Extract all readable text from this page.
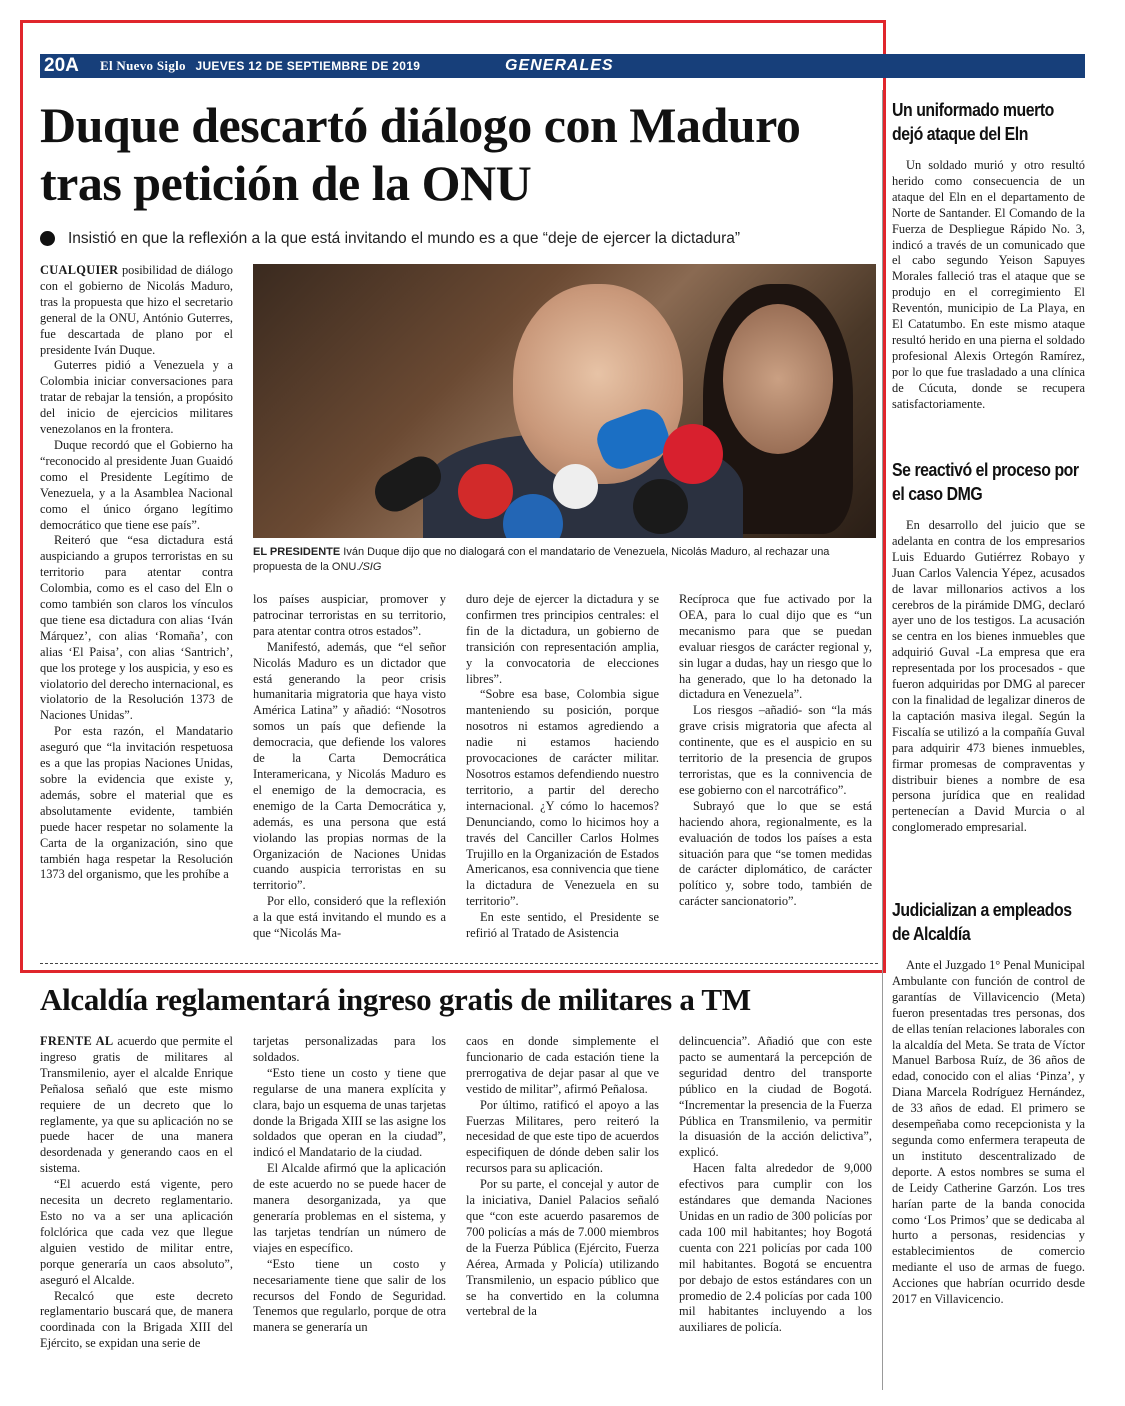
20A El Nuevo Siglo JUEVES 12 DE SEPTIEMBRE DE 2019	GENERALES
Duque descartó diálogo con Maduro tras petición de la ONU
Insistió en que la reflexión a la que está invitando el mundo es a que “deje de ejercer la dictadura”

CUALQUIER posibilidad de diálogo con el gobierno de Nicolás Maduro, tras la propuesta que hizo el secretario general de la ONU, António Guterres, fue descartada de plano por el presidente Iván Duque.

Guterres pidió a Venezuela y a Colombia iniciar conversaciones para tratar de rebajar la tensión, a propósito del inicio de ejercicios militares venezolanos en la frontera.

Duque recordó que el Gobierno ha “reconocido al presidente Juan Guaidó como el Presidente Legítimo de Venezuela, y a la Asamblea Nacional como el único órgano legítimo democrático que tiene ese país”.

Reiteró que “esa dictadura está auspiciando a grupos terroristas en su territorio para atentar contra Colombia, como es el caso del Eln o como también son claros los vínculos que tiene esa dictadura con alias ‘Iván Márquez’, con alias ‘Romaña’, con alias ‘El Paisa’, con alias ‘Santrich’, que los protege y los auspicia, y eso es violatorio del derecho internacional, es violatorio de la Resolución 1373 de Naciones Unidas”.

Por esta razón, el Mandatario aseguró que “la invitación respetuosa es a que las propias Naciones Unidas, sobre la evidencia que existe y, además, sobre el material que es absolutamente evidente, también puede hacer respetar no solamente la Carta de la organización, sino que también haga respetar la Resolución 1373 del organismo, que les prohíbe a

EL PRESIDENTE Iván Duque dijo que no dialogará con el mandatario de Venezuela, Nicolás Maduro, al rechazar una propuesta de la ONU./SIG

los países auspiciar, promover y patrocinar terroristas en su territorio, para atentar contra otros estados”.

Manifestó, además, que “el señor Nicolás Maduro es un dictador que está generando la peor crisis humanitaria migratoria que haya visto América Latina” y añadió: “Nosotros somos un país que defiende la democracia, que defiende los valores de la Carta Democrática Interamericana, y Nicolás Maduro es el enemigo de la democracia, es enemigo de la Carta Democrática y, además, es una persona que está violando las propias normas de la Organización de Naciones Unidas cuando auspicia terroristas en su territorio”.

Por ello, consideró que la reflexión a la que está invitando el mundo es a que “Nicolás Ma-

duro deje de ejercer la dictadura y se confirmen tres principios centrales: el fin de la dictadura, un gobierno de transición con representación amplia, y la convocatoria de elecciones libres”.

“Sobre esa base, Colombia sigue manteniendo su posición, porque nosotros ni estamos agrediendo a nadie ni estamos haciendo provocaciones de carácter militar. Nosotros estamos defendiendo nuestro territorio, a partir del derecho internacional. ¿Y cómo lo hacemos? Denunciando, como lo hicimos hoy a través del Canciller Carlos Holmes Trujillo en la Organización de Estados Americanos, esa connivencia que tiene la dictadura de Venezuela en su territorio”.

En este sentido, el Presidente se refirió al Tratado de Asistencia

Recíproca que fue activado por la OEA, para lo cual dijo que es “un mecanismo para que se puedan evaluar riesgos de carácter regional y, sin lugar a dudas, hay un riesgo que lo ha generado, que lo ha detonado la dictadura en Venezuela”.

Los riesgos –añadió- son “la más grave crisis migratoria que afecta al continente, que es el auspicio en su territorio de la presencia de grupos terroristas, que es la connivencia de ese gobierno con el narcotráfico”.

Subrayó que lo que se está haciendo ahora, regionalmente, es la evaluación de todos los países a esta situación para que “se tomen medidas de carácter diplomático, de carácter político y, sobre todo, también de carácter sancionatorio”.

Alcaldía reglamentará ingreso gratis de militares a TM

FRENTE AL acuerdo que permite el ingreso gratis de militares al Transmilenio, ayer el alcalde Enrique Peñalosa señaló que este mismo requiere de un decreto que lo reglamente, ya que su aplicación no se puede hacer de una manera desordenada y generando caos en el sistema.

“El acuerdo está vigente, pero necesita un decreto reglamentario. Esto no va a ser una aplicación folclórica que cada vez que llegue alguien vestido de militar entre, porque generaría un caos absoluto”, aseguró el Alcalde.

Recalcó que este decreto reglamentario buscará que, de manera coordinada con la Brigada XIII del Ejército, se expidan una serie de

tarjetas personalizadas para los soldados.

“Esto tiene un costo y tiene que regularse de una manera explícita y clara, bajo un esquema de unas tarjetas donde la Brigada XIII se las asigne los soldados que operan en la ciudad”, indicó el Mandatario de la ciudad.

El Alcalde afirmó que la aplicación de este acuerdo no se puede hacer de manera desorganizada, ya que generaría problemas en el sistema, y las tarjetas tendrían un número de viajes en específico.

“Esto tiene un costo y necesariamente tiene que salir de los recursos del Fondo de Seguridad. Tenemos que regularlo, porque de otra manera se generaría un

caos en donde simplemente el funcionario de cada estación tiene la prerrogativa de dejar pasar al que ve vestido de militar”, afirmó Peñalosa.

Por último, ratificó el apoyo a las Fuerzas Militares, pero reiteró la necesidad de que este tipo de acuerdos especifiquen de dónde deben salir los recursos para su aplicación.

Por su parte, el concejal y autor de la iniciativa, Daniel Palacios señaló que “con este acuerdo pasaremos de 700 policías a más de 7.000 miembros de la Fuerza Pública (Ejército, Fuerza Aérea, Armada y Policía) utilizando Transmilenio, un espacio público que se ha convertido en la columna vertebral de la

delincuencia”. Añadió que con este pacto se aumentará la percepción de seguridad dentro del transporte público en la ciudad de Bogotá. “Incrementar la presencia de la Fuerza Pública en Transmilenio, va permitir la disuasión de la acción delictiva”, explicó.

Hacen falta alrededor de 9,000 efectivos para cumplir con los estándares que demanda Naciones Unidas en un radio de 300 policías por cada 100 mil habitantes; hoy Bogotá cuenta con 221 policías por cada 100 mil habitantes. Bogotá se encuentra por debajo de estos estándares con un promedio de 2.4 policías por cada 100 mil habitantes incluyendo a los auxiliares de policía.

Un uniformado muerto dejó ataque del Eln

Un soldado murió y otro resultó herido como consecuencia de un ataque del Eln en el departamento de Norte de Santander. El Comando de la Fuerza de Despliegue Rápido No. 3, indicó a través de un comunicado que el cabo segundo Yeison Sapuyes Morales falleció tras el ataque que se produjo en el corregimiento El Reventón, municipio de La Playa, en El Catatumbo. En este mismo ataque resultó herido en una pierna el soldado profesional Alexis Ortegón Ramírez, por lo que fue trasladado a una clínica de Cúcuta, donde se recupera satisfactoriamente.

Se reactivó el proceso por el caso DMG

En desarrollo del juicio que se adelanta en contra de los empresarios Luis Eduardo Gutiérrez Robayo y Juan Carlos Valencia Yépez, acusados de lavar millonarios activos a los cerebros de la pirámide DMG, declaró ayer uno de los testigos. La acusación se centra en los bienes inmuebles que adquirió Guval -La empresa que era representada por los procesados - que fueron adquiridas por DMG al parecer con la finalidad de legalizar dineros de la captación masiva ilegal. Según la Fiscalía se utilizó a la compañía Guval para adquirir 473 bienes inmuebles, firmar promesas de compraventas y distribuir bienes a nombre de esa persona jurídica que en realidad pertenecían a David Murcia o al conglomerado empresarial.

Judicializan a empleados de Alcaldía

Ante el Juzgado 1° Penal Municipal Ambulante con función de control de garantías de Villavicencio (Meta) fueron presentadas tres personas, dos de ellas tenían relaciones laborales con la alcaldía del Meta. Se trata de Víctor Manuel Barbosa Ruíz, de 36 años de edad, conocido con el alias ‘Pinza’, y Diana Marcela Rodríguez Hernández, de 33 años de edad. El primero se desempeñaba como recepcionista y la segunda como enfermera terapeuta de un instituto descentralizado de deporte. A estos nombres se suma el de Leidy Catherine Garzón. Los tres harían parte de la banda conocida como ‘Los Primos’ que se dedicaba al hurto a personas, residencias y establecimientos de comercio mediante el uso de armas de fuego. Acciones que habrían ocurrido desde 2017 en Villavicencio.
